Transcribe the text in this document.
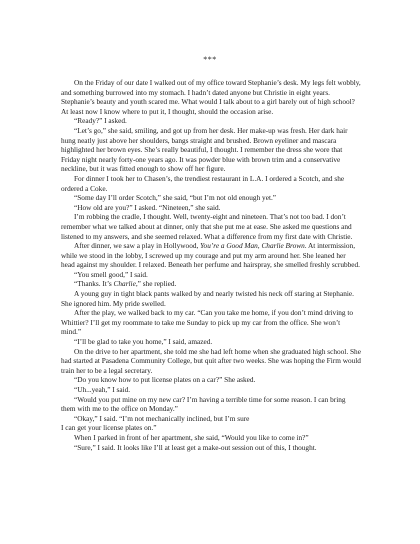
***

On the Friday of our date I walked out of my office toward Stephanie’s desk. My legs felt wobbly, and something burrowed into my stomach. I hadn’t dated anyone but Christie in eight years. Stephanie’s beauty and youth scared me. What would I talk about to a girl barely out of high school? At least now I know where to put it, I thought, should the occasion arise.

“Ready?” I asked.

“Let’s go,” she said, smiling, and got up from her desk. Her make-up was fresh. Her dark hair hung neatly just above her shoulders, bangs straight and brushed. Brown eyeliner and mascara highlighted her brown eyes. She’s really beautiful, I thought. I remember the dress she wore that Friday night nearly forty-one years ago. It was powder blue with brown trim and a conservative neckline, but it was fitted enough to show off her figure.

For dinner I took her to Chasen’s, the trendiest restaurant in L.A. I ordered a Scotch, and she ordered a Coke.

“Some day I’ll order Scotch,” she said, “but I’m not old enough yet.”

“How old are you?” I asked. “Nineteen,” she said.

I’m robbing the cradle, I thought. Well, twenty-eight and nineteen. That’s not too bad. I don’t remember what we talked about at dinner, only that she put me at ease. She asked me questions and listened to my answers, and she seemed relaxed. What a difference from my first date with Christie.

After dinner, we saw a play in Hollywood, You’re a Good Man, Charlie Brown. At intermission, while we stood in the lobby, I screwed up my courage and put my arm around her. She leaned her head against my shoulder. I relaxed. Beneath her perfume and hairspray, she smelled freshly scrubbed.

“You smell good,” I said.

“Thanks. It’s Charlie,” she replied.

A young guy in tight black pants walked by and nearly twisted his neck off staring at Stephanie. She ignored him. My pride swelled.

After the play, we walked back to my car. “Can you take me home, if you don’t mind driving to Whittier? I’ll get my roommate to take me Sunday to pick up my car from the office. She won’t mind.”

“I’ll be glad to take you home,” I said, amazed.

On the drive to her apartment, she told me she had left home when she graduated high school. She had started at Pasadena Community College, but quit after two weeks. She was hoping the Firm would train her to be a legal secretary.

“Do you know how to put license plates on a car?” She asked.

“Uh...yeah,” I said.

“Would you put mine on my new car? I’m having a terrible time for some reason. I can bring them with me to the office on Monday.”

“Okay,” I said. “I’m not mechanically inclined, but I’m sure

I can get your license plates on.”

When I parked in front of her apartment, she said, “Would you like to come in?”

“Sure,” I said. It looks like I’ll at least get a make-out session out of this, I thought.
